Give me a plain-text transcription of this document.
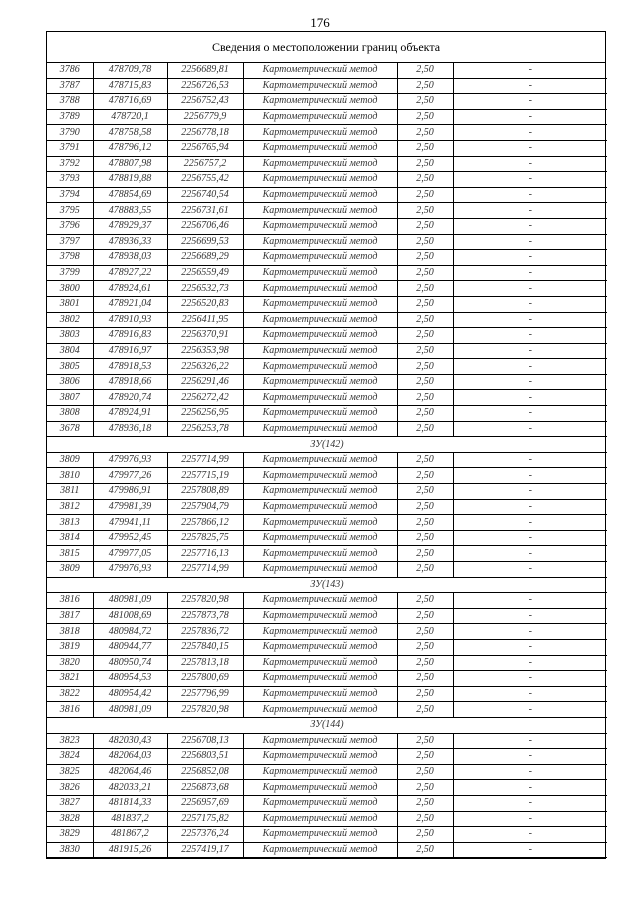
176
Сведения о местоположении границ объекта
3786	478709,78	2256689,81	Картометрический метод	2,50	-
3787	478715,83	2256726,53	Картометрический метод	2,50	-
3788	478716,69	2256752,43	Картометрический метод	2,50	-
3789	478720,1	2256779,9	Картометрический метод	2,50	-
3790	478758,58	2256778,18	Картометрический метод	2,50	-
3791	478796,12	2256765,94	Картометрический метод	2,50	-
3792	478807,98	2256757,2	Картометрический метод	2,50	-
3793	478819,88	2256755,42	Картометрический метод	2,50	-
3794	478854,69	2256740,54	Картометрический метод	2,50	-
3795	478883,55	2256731,61	Картометрический метод	2,50	-
3796	478929,37	2256706,46	Картометрический метод	2,50	-
3797	478936,33	2256699,53	Картометрический метод	2,50	-
3798	478938,03	2256689,29	Картометрический метод	2,50	-
3799	478927,22	2256559,49	Картометрический метод	2,50	-
3800	478924,61	2256532,73	Картометрический метод	2,50	-
3801	478921,04	2256520,83	Картометрический метод	2,50	-
3802	478910,93	2256411,95	Картометрический метод	2,50	-
3803	478916,83	2256370,91	Картометрический метод	2,50	-
3804	478916,97	2256353,98	Картометрический метод	2,50	-
3805	478918,53	2256326,22	Картометрический метод	2,50	-
3806	478918,66	2256291,46	Картометрический метод	2,50	-
3807	478920,74	2256272,42	Картометрический метод	2,50	-
3808	478924,91	2256256,95	Картометрический метод	2,50	-
3678	478936,18	2256253,78	Картометрический метод	2,50	-
ЗУ(142)					
3809	479976,93	2257714,99	Картометрический метод	2,50	-
3810	479977,26	2257715,19	Картометрический метод	2,50	-
3811	479986,91	2257808,89	Картометрический метод	2,50	-
3812	479981,39	2257904,79	Картометрический метод	2,50	-
3813	479941,11	2257866,12	Картометрический метод	2,50	-
3814	479952,45	2257825,75	Картометрический метод	2,50	-
3815	479977,05	2257716,13	Картометрический метод	2,50	-
3809	479976,93	2257714,99	Картометрический метод	2,50	-
ЗУ(143)					
3816	480981,09	2257820,98	Картометрический метод	2,50	-
3817	481008,69	2257873,78	Картометрический метод	2,50	-
3818	480984,72	2257836,72	Картометрический метод	2,50	-
3819	480944,77	2257840,15	Картометрический метод	2,50	-
3820	480950,74	2257813,18	Картометрический метод	2,50	-
3821	480954,53	2257800,69	Картометрический метод	2,50	-
3822	480954,42	2257796,99	Картометрический метод	2,50	-
3816	480981,09	2257820,98	Картометрический метод	2,50	-
ЗУ(144)					
3823	482030,43	2256708,13	Картометрический метод	2,50	-
3824	482064,03	2256803,51	Картометрический метод	2,50	-
3825	482064,46	2256852,08	Картометрический метод	2,50	-
3826	482033,21	2256873,68	Картометрический метод	2,50	-
3827	481814,33	2256957,69	Картометрический метод	2,50	-
3828	481837,2	2257175,82	Картометрический метод	2,50	-
3829	481867,2	2257376,24	Картометрический метод	2,50	-
3830	481915,26	2257419,17	Картометрический метод	2,50	-
